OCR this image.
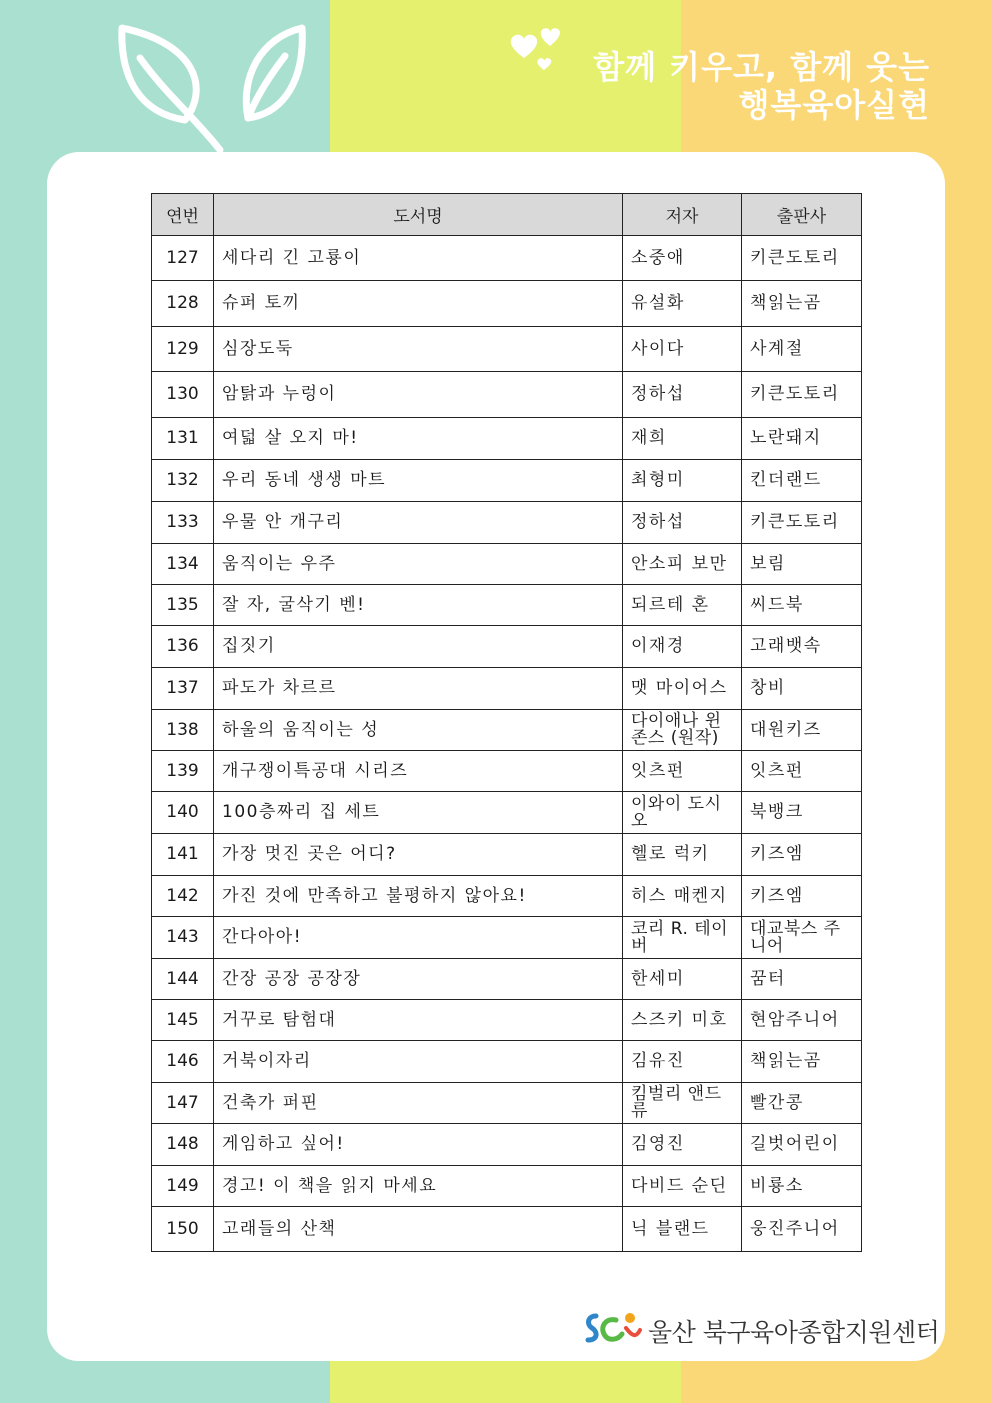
함께 키우고, 함께 웃는
행복육아실현
연번	도서명	저자	출판사
127	세다리 긴 고룡이	소중애	키큰도토리
128	슈퍼 토끼	유설화	책읽는곰
129	심장도둑	사이다	사계절
130	암탉과 누렁이	정하섭	키큰도토리
131	여덟 살 오지 마!	재희	노란돼지
132	우리 동네 생생 마트	최형미	킨더랜드
133	우물 안 개구리	정하섭	키큰도토리
134	움직이는 우주	안소피 보만	보림
135	잘 자, 굴삭기 벤!	되르테 혼	씨드북
136	집짓기	이재경	고래뱃속
137	파도가 차르르	맷 마이어스	창비
138	하울의 움직이는 성	다이애나 윈 존스 (원작)	대원키즈
139	개구쟁이특공대 시리즈	잇츠펀	잇츠펀
140	100층짜리 집 세트	이와이 도시오	북뱅크
141	가장 멋진 곳은 어디?	헬로 럭키	키즈엠
142	가진 것에 만족하고 불평하지 않아요!	히스 매켄지	키즈엠
143	간다아아!	코리 R. 테이버	대교북스 주니어
144	간장 공장 공장장	한세미	꿈터
145	거꾸로 탐험대	스즈키 미호	현암주니어
146	거북이자리	김유진	책읽는곰
147	건축가 퍼핀	킴벌리 앤드류	빨간콩
148	게임하고 싶어!	김영진	길벗어린이
149	경고! 이 책을 읽지 마세요	다비드 순딘	비룡소
150	고래들의 산책	닉 블랜드	웅진주니어
울산 북구육아종합지원센터
